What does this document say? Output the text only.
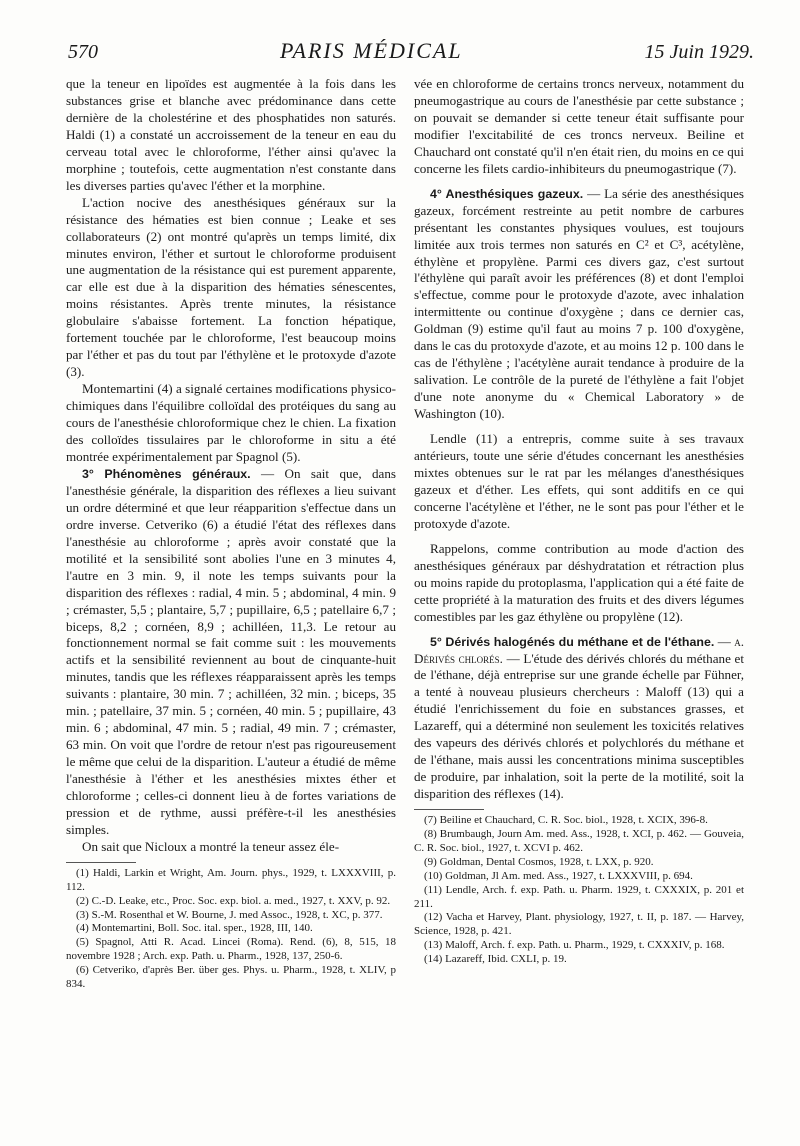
570	PARIS MÉDICAL	15 Juin 1929.

que la teneur en lipoïdes est augmentée à la fois dans les substances grise et blanche avec prédominance dans cette dernière de la cholestérine et des phosphatides non saturés. Haldi (1) a constaté un accroissement de la teneur en eau du cerveau total avec le chloroforme, l'éther ainsi qu'avec la morphine ; toutefois, cette augmentation n'est constante dans les diverses parties qu'avec l'éther et la morphine.

L'action nocive des anesthésiques généraux sur la résistance des hématies est bien connue ; Leake et ses collaborateurs (2) ont montré qu'après un temps limité, dix minutes environ, l'éther et surtout le chloroforme produisent une augmentation de la résistance qui est purement apparente, car elle est due à la disparition des hématies sénescentes, moins résistantes. Après trente minutes, la résistance globulaire s'abaisse fortement. La fonction hépatique, fortement touchée par le chloroforme, l'est beaucoup moins par l'éther et pas du tout par l'éthylène et le protoxyde d'azote (3).

Montemartini (4) a signalé certaines modifications physico-chimiques dans l'équilibre colloïdal des protéiques du sang au cours de l'anesthésie chloroformique chez le chien. La fixation des colloïdes tissulaires par le chloroforme in situ a été montrée expérimentalement par Spagnol (5).

3° Phénomènes généraux. — On sait que, dans l'anesthésie générale, la disparition des réflexes a lieu suivant un ordre déterminé et que leur réapparition s'effectue dans un ordre inverse. Cetveriko (6) a étudié l'état des réflexes dans l'anesthésie au chloroforme ; après avoir constaté que la motilité et la sensibilité sont abolies l'une en 3 minutes 4, l'autre en 3 min. 9, il note les temps suivants pour la disparition des réflexes : radial, 4 min. 5 ; abdominal, 4 min. 9 ; crémaster, 5,5 ; plantaire, 5,7 ; pupillaire, 6,5 ; patellaire 6,7 ; biceps, 8,2 ; cornéen, 8,9 ; achilléen, 11,3. Le retour au fonctionnement normal se fait comme suit : les mouvements actifs et la sensibilité reviennent au bout de cinquante-huit minutes, tandis que les réflexes réapparaissent après les temps suivants : plantaire, 30 min. 7 ; achilléen, 32 min. ; biceps, 35 min. ; patellaire, 37 min. 5 ; cornéen, 40 min. 5 ; pupillaire, 43 min. 6 ; abdominal, 47 min. 5 ; radial, 49 min. 7 ; crémaster, 63 min. On voit que l'ordre de retour n'est pas rigoureusement le même que celui de la disparition. L'auteur a étudié de même l'anesthésie à l'éther et les anesthésies mixtes éther et chloroforme ; celles-ci donnent lieu à de fortes variations de pression et de rythme, aussi préfère-t-il les anesthésies simples.

On sait que Nicloux a montré la teneur assez éle-

(1) Haldi, Larkin et Wright, Am. Journ. phys., 1929, t. LXXXVIII, p. 112.

(2) C.-D. Leake, etc., Proc. Soc. exp. biol. a. med., 1927, t. XXV, p. 92.

(3) S.-M. Rosenthal et W. Bourne, J. med Assoc., 1928, t. XC, p. 377.

(4) Montemartini, Boll. Soc. ital. sper., 1928, III, 140.

(5) Spagnol, Atti R. Acad. Lincei (Roma). Rend. (6), 8, 515, 18 novembre 1928 ; Arch. exp. Path. u. Pharm., 1928, 137, 250-6.

(6) Cetveriko, d'après Ber. über ges. Phys. u. Pharm., 1928, t. XLIV, p 834.

vée en chloroforme de certains troncs nerveux, notamment du pneumogastrique au cours de l'anesthésie par cette substance ; on pouvait se demander si cette teneur était suffisante pour modifier l'excitabilité de ces troncs nerveux. Beiline et Chauchard ont constaté qu'il n'en était rien, du moins en ce qui concerne les filets cardio-inhibiteurs du pneumogastrique (7).

4° Anesthésiques gazeux. — La série des anesthésiques gazeux, forcément restreinte au petit nombre de carbures présentant les constantes physiques voulues, est toujours limitée aux trois termes non saturés en C² et C³, acétylène, éthylène et propylène. Parmi ces divers gaz, c'est surtout l'éthylène qui paraît avoir les préférences (8) et dont l'emploi s'effectue, comme pour le protoxyde d'azote, avec inhalation intermittente ou continue d'oxygène ; dans ce dernier cas, Goldman (9) estime qu'il faut au moins 7 p. 100 d'oxygène, dans le cas du protoxyde d'azote, et au moins 12 p. 100 dans le cas de l'éthylène ; l'acétylène aurait tendance à produire de la salivation. Le contrôle de la pureté de l'éthylène a fait l'objet d'une note anonyme du « Chemical Laboratory » de Washington (10).

Lendle (11) a entrepris, comme suite à ses travaux antérieurs, toute une série d'études concernant les anesthésies mixtes obtenues sur le rat par les mélanges d'anesthésiques gazeux et d'éther. Les effets, qui sont additifs en ce qui concerne l'acétylène et l'éther, ne le sont pas pour l'éther et le protoxyde d'azote.

Rappelons, comme contribution au mode d'action des anesthésiques généraux par déshydratation et rétraction plus ou moins rapide du protoplasma, l'application qui a été faite de cette propriété à la maturation des fruits et des divers légumes comestibles par les gaz éthylène ou propylène (12).

5° Dérivés halogénés du méthane et de l'éthane. — a. Dérivés chlorés. — L'étude des dérivés chlorés du méthane et de l'éthane, déjà entreprise sur une grande échelle par Fühner, a tenté à nouveau plusieurs chercheurs : Maloff (13) qui a étudié l'enrichissement du foie en substances grasses, et Lazareff, qui a déterminé non seulement les toxicités relatives des vapeurs des dérivés chlorés et polychlorés du méthane et de l'éthane, mais aussi les concentrations minima susceptibles de produire, par inhalation, soit la perte de la motilité, soit la disparition des réflexes (14).

(7) Beiline et Chauchard, C. R. Soc. biol., 1928, t. XCIX, 396-8.

(8) Brumbaugh, Journ Am. med. Ass., 1928, t. XCI, p. 462. — Gouveia, C. R. Soc. biol., 1927, t. XCVI p. 462.

(9) Goldman, Dental Cosmos, 1928, t. LXX, p. 920.

(10) Goldman, Jl Am. med. Ass., 1927, t. LXXXVIII, p. 694.

(11) Lendle, Arch. f. exp. Path. u. Pharm. 1929, t. CXXXIX, p. 201 et 211.

(12) Vacha et Harvey, Plant. physiology, 1927, t. II, p. 187. — Harvey, Science, 1928, p. 421.

(13) Maloff, Arch. f. exp. Path. u. Pharm., 1929, t. CXXXIV, p. 168.

(14) Lazareff, Ibid. CXLI, p. 19.
